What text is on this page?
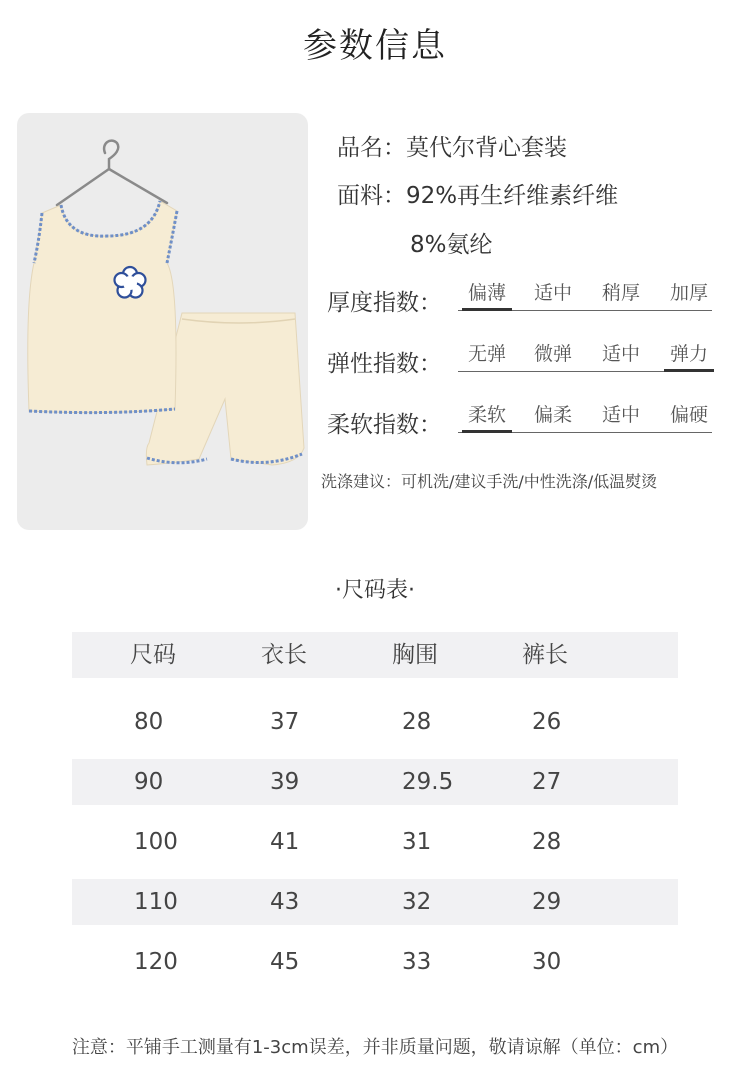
参数信息
品名：莫代尔背心套装
面料：92%再生纤维素纤维
8%氨纶
厚度指数：	偏薄	适中	稍厚	加厚
弹性指数：	无弹	微弹	适中	弹力
柔软指数：	柔软	偏柔	适中	偏硬
洗涤建议：可机洗/建议手洗/中性洗涤/低温熨烫
·尺码表·
尺码	衣长	胸围	裤长
80	37	28	26
90	39	29.5	27
100	41	31	28
110	43	32	29
120	45	33	30
注意：平铺手工测量有1-3cm误差，并非质量问题，敬请谅解（单位：cm）
